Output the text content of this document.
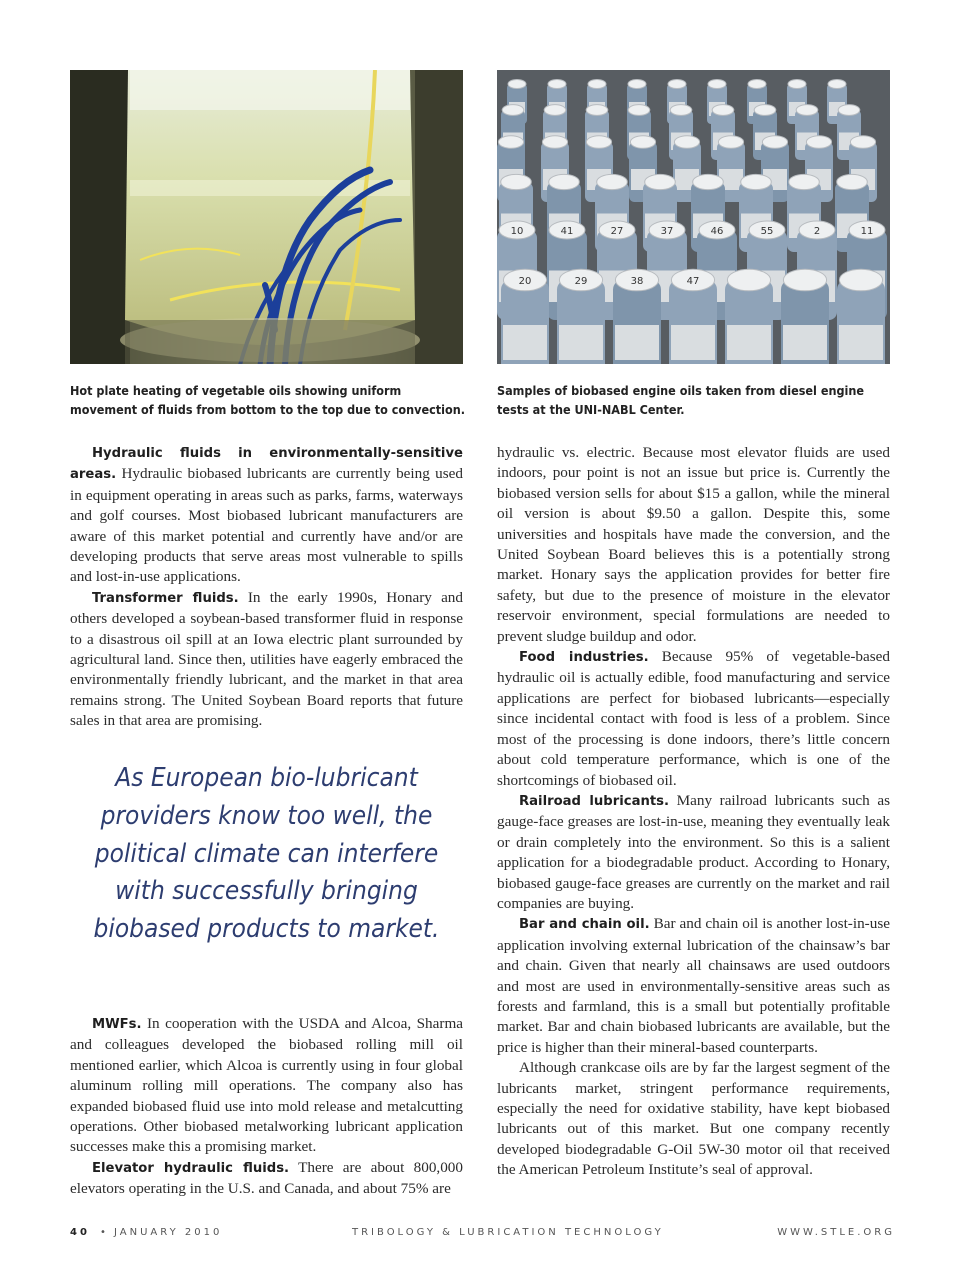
10	41	27	37	46	55	2	11
20	29	38	47

Hot plate heating of vegetable oils showing uniform movement of fluids from bottom to the top due to convection.

Samples of biobased engine oils taken from diesel engine tests at the UNI-NABL Center.

Hydraulic fluids in environmentally-sensitive areas. Hydraulic biobased lubricants are currently being used in equipment operating in areas such as parks, farms, waterways and golf courses. Most biobased lubricant manufacturers are aware of this market potential and currently have and/or are developing products that serve areas most vulnerable to spills and lost-in-use applications.

Transformer fluids. In the early 1990s, Honary and others developed a soybean-based transformer fluid in response to a disastrous oil spill at an Iowa electric plant surrounded by agricultural land. Since then, utilities have eagerly embraced the environmentally friendly lubricant, and the market in that area remains strong. The United Soybean Board reports that future sales in that area are promising.

As European bio-lubricant providers know too well, the political climate can interfere with successfully bringing biobased products to market.

MWFs. In cooperation with the USDA and Alcoa, Sharma and colleagues developed the biobased rolling mill oil mentioned earlier, which Alcoa is currently using in four global aluminum rolling mill operations. The company also has expanded biobased fluid use into mold release and metalcutting operations. Other biobased metalworking lubricant application successes make this a promising market.

Elevator hydraulic fluids. There are about 800,000 elevators operating in the U.S. and Canada, and about 75% are

hydraulic vs. electric. Because most elevator fluids are used indoors, pour point is not an issue but price is. Currently the biobased version sells for about $15 a gallon, while the mineral oil version is about $9.50 a gallon. Despite this, some universities and hospitals have made the conversion, and the United Soybean Board believes this is a potentially strong market. Honary says the application provides for better fire safety, but due to the presence of moisture in the elevator reservoir environment, special formulations are needed to prevent sludge buildup and odor.

Food industries. Because 95% of vegetable-based hydraulic oil is actually edible, food manufacturing and service applications are perfect for biobased lubricants—especially since incidental contact with food is less of a problem. Since most of the processing is done indoors, there’s little concern about cold temperature performance, which is one of the shortcomings of biobased oil.

Railroad lubricants. Many railroad lubricants such as gauge-face greases are lost-in-use, meaning they eventually leak or drain completely into the environment. So this is a salient application for a biodegradable product. According to Honary, biobased gauge-face greases are currently on the market and rail companies are buying.

Bar and chain oil. Bar and chain oil is another lost-in-use application involving external lubrication of the chainsaw’s bar and chain. Given that nearly all chainsaws are used outdoors and most are used in environmentally-sensitive areas such as forests and farmland, this is a small but potentially profitable market. Bar and chain biobased lubricants are available, but the price is higher than their mineral-based counterparts.

Although crankcase oils are by far the largest segment of the lubricants market, stringent performance requirements, especially the need for oxidative stability, have kept biobased lubricants out of this market. But one company recently developed biodegradable G-Oil 5W-30 motor oil that received the American Petroleum Institute’s seal of approval.

40 • JANUARY 2010	TRIBOLOGY & LUBRICATION TECHNOLOGY	WWW.STLE.ORG
